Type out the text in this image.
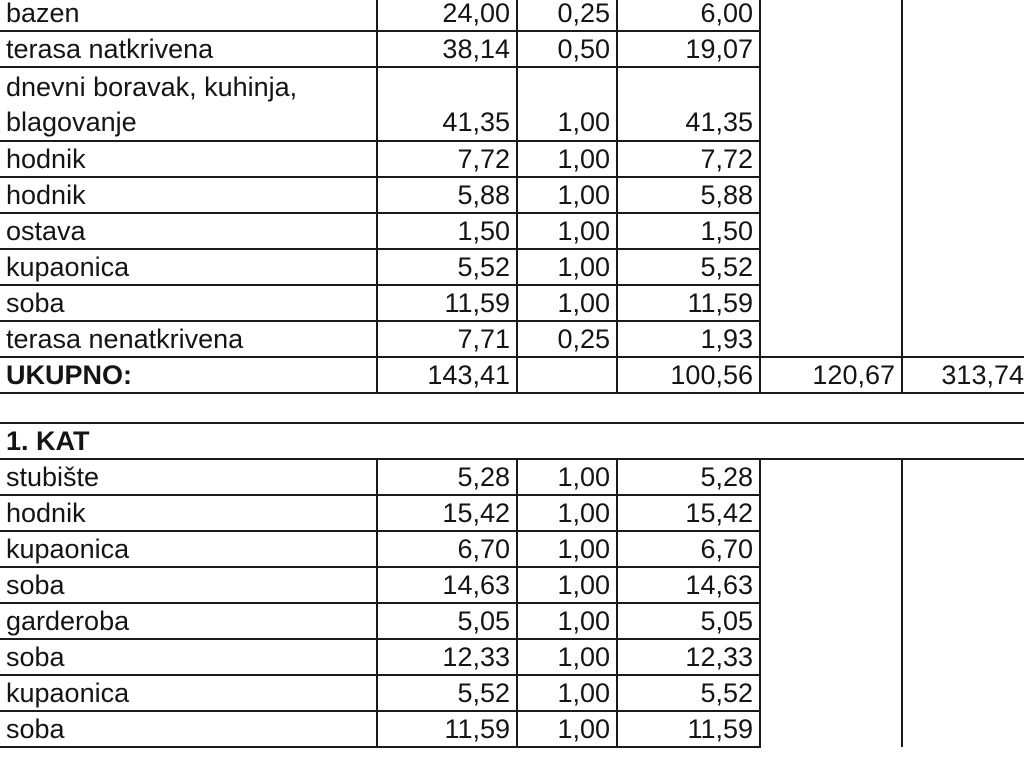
bazen	24,00	0,25	6,00		
terasa natkrivena	38,14	0,50	19,07		
dnevni boravak, kuhinja, blagovanje	41,35	1,00	41,35		
hodnik	7,72	1,00	7,72		
hodnik	5,88	1,00	5,88		
ostava	1,50	1,00	1,50		
kupaonica	5,52	1,00	5,52		
soba	11,59	1,00	11,59		
terasa nenatkrivena	7,71	0,25	1,93		
UKUPNO:	143,41		100,56	120,67	313,74

1. KAT					
stubište	5,28	1,00	5,28		
hodnik	15,42	1,00	15,42		
kupaonica	6,70	1,00	6,70		
soba	14,63	1,00	14,63		
garderoba	5,05	1,00	5,05		
soba	12,33	1,00	12,33		
kupaonica	5,52	1,00	5,52		
soba	11,59	1,00	11,59		
